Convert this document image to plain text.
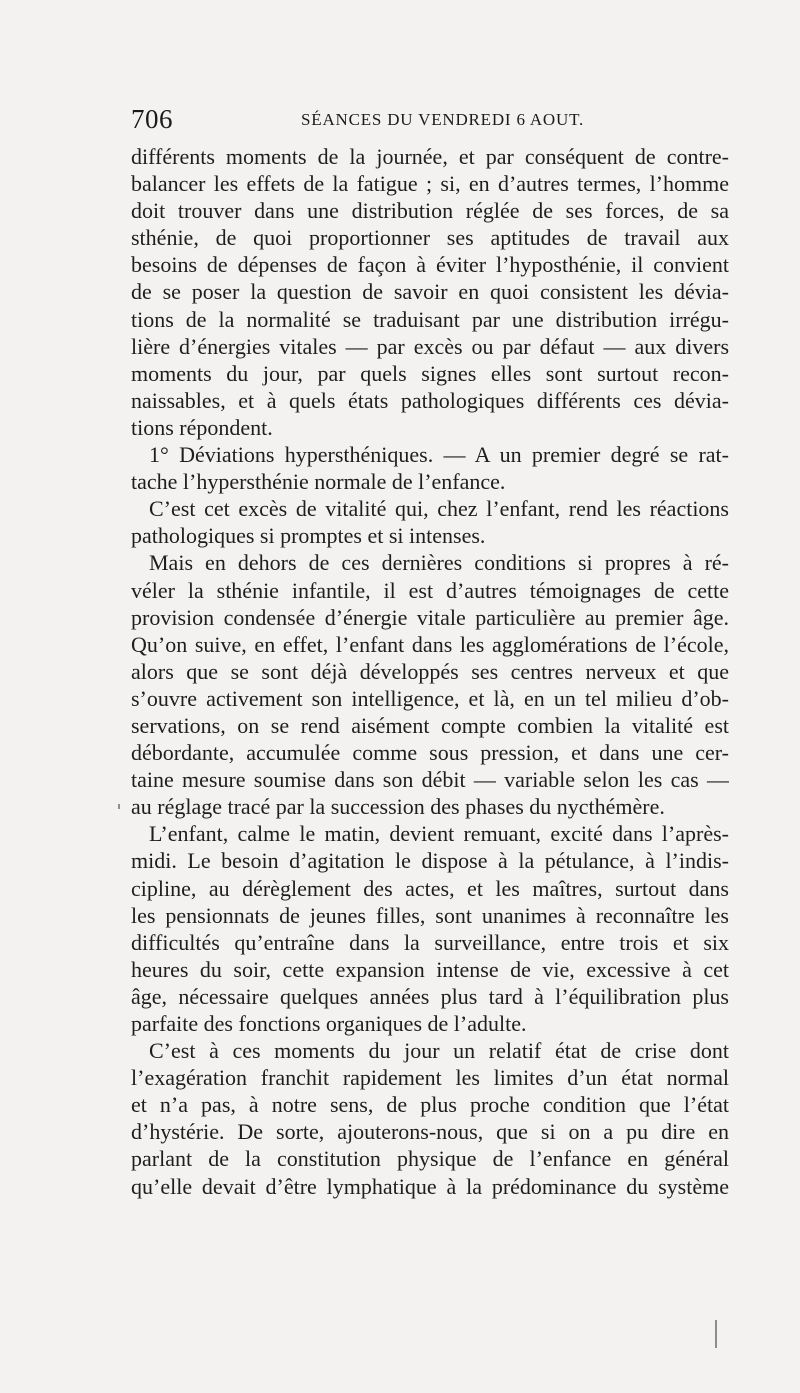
706	SÉANCES DU VENDREDI 6 AOUT.
différents moments de la journée, et par conséquent de contre-
balancer les effets de la fatigue ; si, en d’autres termes, l’homme
doit trouver dans une distribution réglée de ses forces, de sa
sthénie, de quoi proportionner ses aptitudes de travail aux
besoins de dépenses de façon à éviter l’hyposthénie, il convient
de se poser la question de savoir en quoi consistent les dévia-
tions de la normalité se traduisant par une distribution irrégu-
lière d’énergies vitales — par excès ou par défaut — aux divers
moments du jour, par quels signes elles sont surtout recon-
naissables, et à quels états pathologiques différents ces dévia-
tions répondent.
1° Déviations hypersthéniques. — A un premier degré se rat-
tache l’hypersthénie normale de l’enfance.
C’est cet excès de vitalité qui, chez l’enfant, rend les réactions
pathologiques si promptes et si intenses.
Mais en dehors de ces dernières conditions si propres à ré-
véler la sthénie infantile, il est d’autres témoignages de cette
provision condensée d’énergie vitale particulière au premier âge.
Qu’on suive, en effet, l’enfant dans les agglomérations de l’école,
alors que se sont déjà développés ses centres nerveux et que
s’ouvre activement son intelligence, et là, en un tel milieu d’ob-
servations, on se rend aisément compte combien la vitalité est
débordante, accumulée comme sous pression, et dans une cer-
taine mesure soumise dans son débit — variable selon les cas —
au réglage tracé par la succession des phases du nycthémère.
L’enfant, calme le matin, devient remuant, excité dans l’après-
midi. Le besoin d’agitation le dispose à la pétulance, à l’indis-
cipline, au dérèglement des actes, et les maîtres, surtout dans
les pensionnats de jeunes filles, sont unanimes à reconnaître les
difficultés qu’entraîne dans la surveillance, entre trois et six
heures du soir, cette expansion intense de vie, excessive à cet
âge, nécessaire quelques années plus tard à l’équilibration plus
parfaite des fonctions organiques de l’adulte.
C’est à ces moments du jour un relatif état de crise dont
l’exagération franchit rapidement les limites d’un état normal
et n’a pas, à notre sens, de plus proche condition que l’état
d’hystérie. De sorte, ajouterons-nous, que si on a pu dire en
parlant de la constitution physique de l’enfance en général
qu’elle devait d’être lymphatique à la prédominance du système
